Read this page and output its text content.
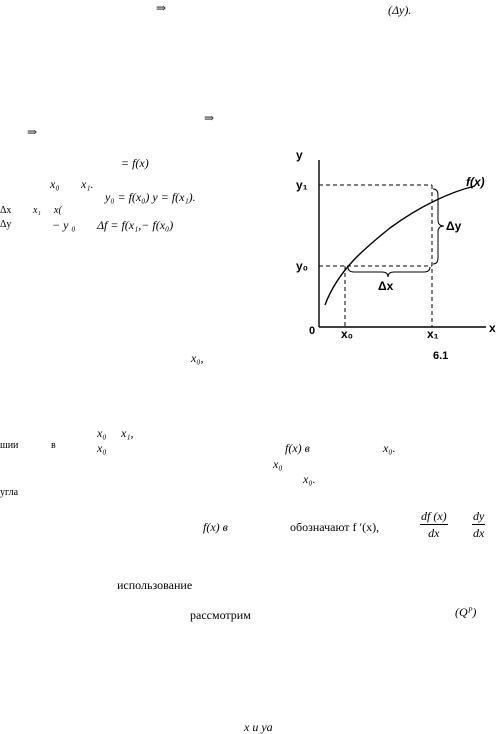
⇒	(Δy).
⇒
⇒
= f(x)
x₀ x₁.
y₀ = f(x₀) y = f(x₁).
Δx x₁ x(
Δy	− y ₀ Δf = f(x₁,− f(x₀)
y
x
0
y₁
y₀
x₀	x₁
f(x)
Δy
Δx
6.1
x₀,
x₀ x₁,
шии	в	x₀	f(x) в	x₀.
x₀
x₀.
угла
f(x) в	обозначают f ′(x),	$\frac{df (x)}{dx} \frac{dy}{dx}$
использование
рассмотрим	(Qᴾ)
x и yа
